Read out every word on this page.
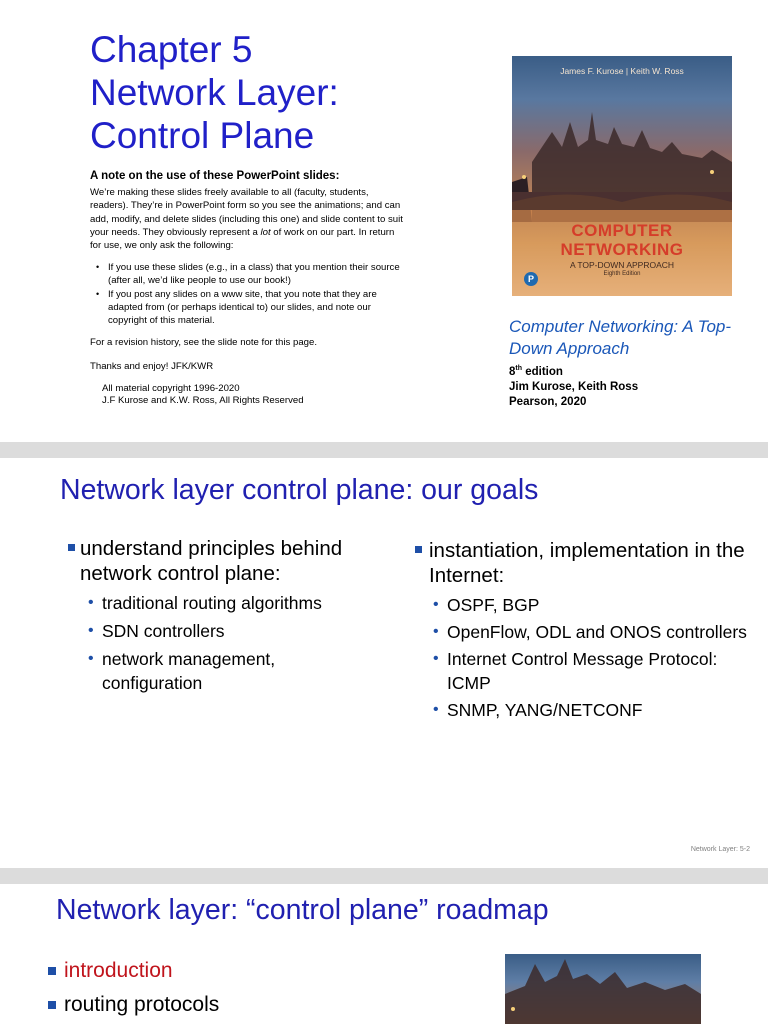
Chapter 5
Network Layer:
Control Plane
A note on the use of these PowerPoint slides:

We’re making these slides freely available to all (faculty, students, readers). They’re in PowerPoint form so you see the animations; and can add, modify, and delete slides (including this one) and slide content to suit your needs. They obviously represent a lot of work on our part. In return for use, we only ask the following:

• If you use these slides (e.g., in a class) that you mention their source (after all, we’d like people to use our book!)
• If you post any slides on a www site, that you note that they are adapted from (or perhaps identical to) our slides, and note our copyright of this material.
For a revision history, see the slide note for this page.
Thanks and enjoy! JFK/KWR
All material copyright 1996-2020
J.F Kurose and K.W. Ross, All Rights Reserved
James F. Kurose | Keith W. Ross
COMPUTER
NETWORKING
A TOP-DOWN APPROACH
Eighth Edition
P
Computer Networking: A Top-Down Approach
8th edition
Jim Kurose, Keith Ross
Pearson, 2020
Network layer control plane: our goals
understand principles behind network control plane:
• traditional routing algorithms
• SDN controllers
• network management, configuration
instantiation, implementation in the Internet:
• OSPF, BGP
• OpenFlow, ODL and ONOS controllers
• Internet Control Message Protocol: ICMP
• SNMP, YANG/NETCONF
Network Layer: 5-2
Network layer: “control plane” roadmap
introduction
routing protocols
